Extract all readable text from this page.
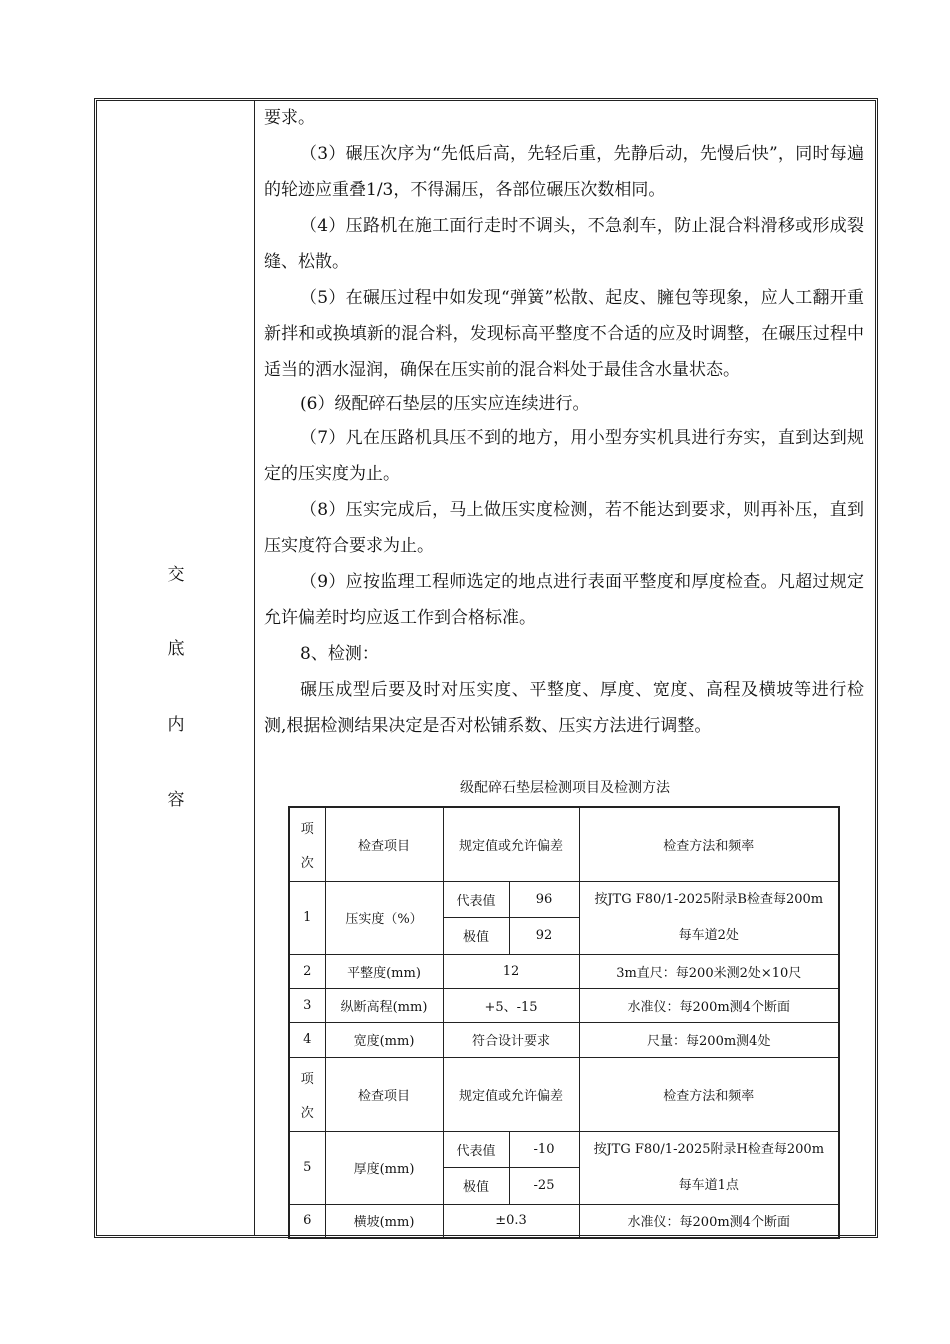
交
底
内
容

要求。

（3）碾压次序为“先低后高，先轻后重，先静后动，先慢后快”，同时每遍的轮迹应重叠1/3，不得漏压，各部位碾压次数相同。

（4）压路机在施工面行走时不调头，不急刹车，防止混合料滑移或形成裂缝、松散。

（5）在碾压过程中如发现“弹簧”松散、起皮、臃包等现象，应人工翻开重新拌和或换填新的混合料，发现标高平整度不合适的应及时调整，在碾压过程中适当的洒水湿润，确保在压实前的混合料处于最佳含水量状态。

(6）级配碎石垫层的压实应连续进行。

（7）凡在压路机具压不到的地方，用小型夯实机具进行夯实，直到达到规定的压实度为止。

（8）压实完成后，马上做压实度检测，若不能达到要求，则再补压，直到压实度符合要求为止。

（9）应按监理工程师选定的地点进行表面平整度和厚度检查。凡超过规定允许偏差时均应返工作到合格标准。

8、检测：

碾压成型后要及时对压实度、平整度、厚度、宽度、高程及横坡等进行检测,根据检测结果决定是否对松铺系数、压实方法进行调整。

级配碎石垫层检测项目及检测方法
项

次	检查项目	规定值或允许偏差		检查方法和频率
1	压实度（%）	代表值	96	按JTG F80/1-2025附录B检查每200m
每车道2处
		极值	92	
2	平整度(mm)	12		3m直尺：每200米测2处×10尺
3	纵断高程(mm)	+5、-15		水准仪：每200m测4个断面
4	宽度(mm)	符合设计要求		尺量：每200m测4处
项

次	检查项目	规定值或允许偏差		检查方法和频率
5	厚度(mm)	代表值	-10	按JTG F80/1-2025附录H检查每200m
每车道1点
		极值	-25	
6	横坡(mm)	±0.3		水准仪：每200m测4个断面
